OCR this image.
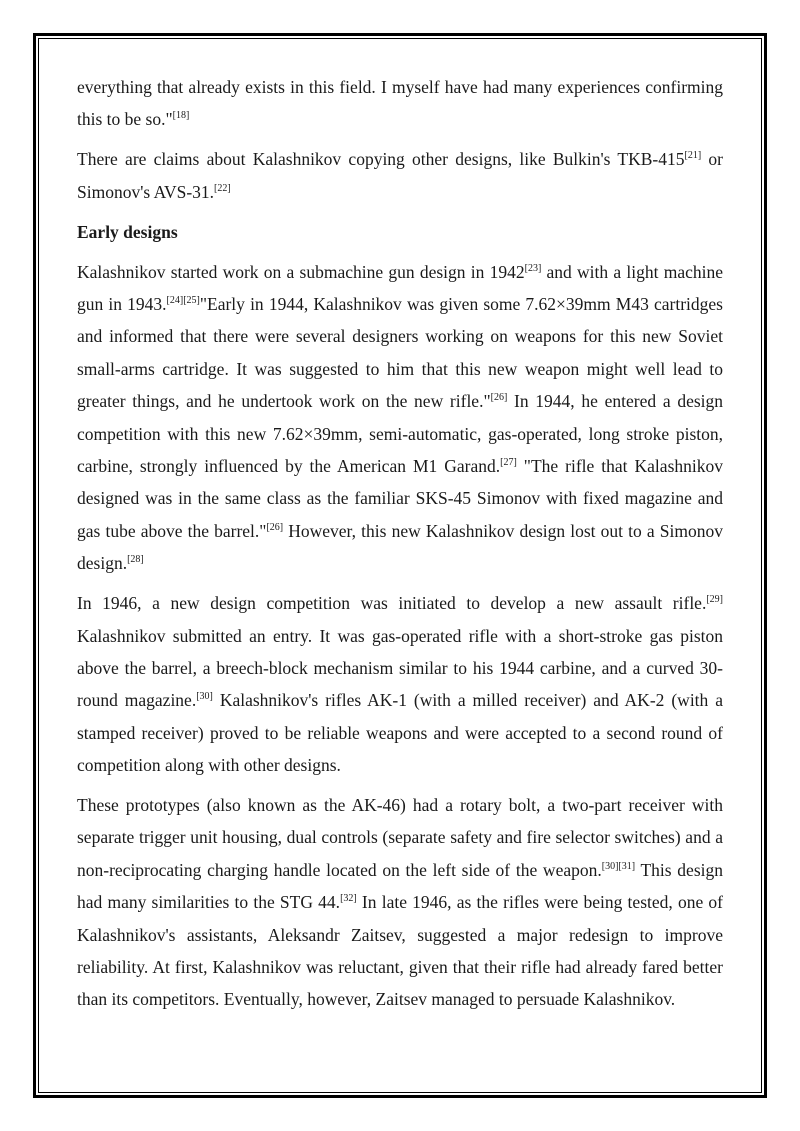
everything that already exists in this field. I myself have had many experiences confirming this to be so."[18]

There are claims about Kalashnikov copying other designs, like Bulkin's TKB-415[21] or Simonov's AVS-31.[22]

Early designs

Kalashnikov started work on a submachine gun design in 1942[23] and with a light machine gun in 1943.[24][25]"Early in 1944, Kalashnikov was given some 7.62×39mm M43 cartridges and informed that there were several designers working on weapons for this new Soviet small-arms cartridge. It was suggested to him that this new weapon might well lead to greater things, and he undertook work on the new rifle."[26] In 1944, he entered a design competition with this new 7.62×39mm, semi-automatic, gas-operated, long stroke piston, carbine, strongly influenced by the American M1 Garand.[27] "The rifle that Kalashnikov designed was in the same class as the familiar SKS-45 Simonov with fixed magazine and gas tube above the barrel."[26] However, this new Kalashnikov design lost out to a Simonov design.[28]

In 1946, a new design competition was initiated to develop a new assault rifle.[29] Kalashnikov submitted an entry. It was gas-operated rifle with a short-stroke gas piston above the barrel, a breech-block mechanism similar to his 1944 carbine, and a curved 30-round magazine.[30] Kalashnikov's rifles AK-1 (with a milled receiver) and AK-2 (with a stamped receiver) proved to be reliable weapons and were accepted to a second round of competition along with other designs.

These prototypes (also known as the AK-46) had a rotary bolt, a two-part receiver with separate trigger unit housing, dual controls (separate safety and fire selector switches) and a non-reciprocating charging handle located on the left side of the weapon.[30][31] This design had many similarities to the STG 44.[32] In late 1946, as the rifles were being tested, one of Kalashnikov's assistants, Aleksandr Zaitsev, suggested a major redesign to improve reliability. At first, Kalashnikov was reluctant, given that their rifle had already fared better than its competitors. Eventually, however, Zaitsev managed to persuade Kalashnikov.
